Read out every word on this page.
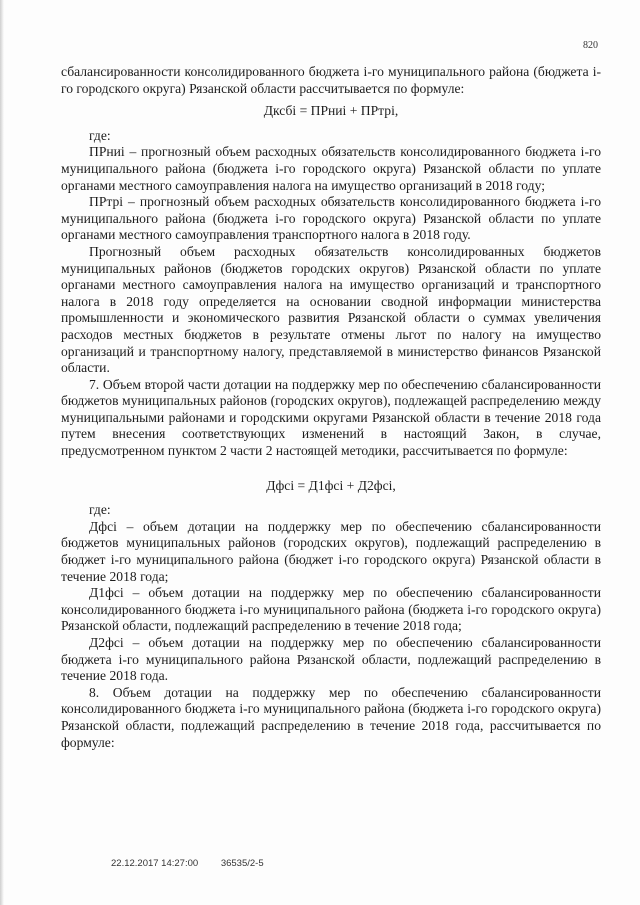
820

сбалансированности консолидированного бюджета i-го муниципального района (бюджета i-го городского округа) Рязанской области рассчитывается по формуле:

Дксбi = ПРниi + ПРтрi,

где:

ПРниi – прогнозный объем расходных обязательств консолидированного бюджета i-го муниципального района (бюджета i-го городского округа) Рязанской области по уплате органами местного самоуправления налога на имущество организаций в 2018 году;

ПРтрi – прогнозный объем расходных обязательств консолидированного бюджета i-го муниципального района (бюджета i-го городского округа) Рязанской области по уплате органами местного самоуправления транспортного налога в 2018 году.

Прогнозный объем расходных обязательств консолидированных бюджетов муниципальных районов (бюджетов городских округов) Рязанской области по уплате органами местного самоуправления налога на имущество организаций и транспортного налога в 2018 году определяется на основании сводной информации министерства промышленности и экономического развития Рязанской области о суммах увеличения расходов местных бюджетов в результате отмены льгот по налогу на имущество организаций и транспортному налогу, представляемой в министерство финансов Рязанской области.

7. Объем второй части дотации на поддержку мер по обеспечению сбалансированности бюджетов муниципальных районов (городских округов), подлежащей распределению между муниципальными районами и городскими округами Рязанской области в течение 2018 года путем внесения соответствующих изменений в настоящий Закон, в случае, предусмотренном пунктом 2 части 2 настоящей методики, рассчитывается по формуле:

Дфсi = Д1фсi + Д2фсi,

где:

Дфсi – объем дотации на поддержку мер по обеспечению сбалансированности бюджетов муниципальных районов (городских округов), подлежащий распределению в бюджет i-го муниципального района (бюджет i-го городского округа) Рязанской области в течение 2018 года;

Д1фсi – объем дотации на поддержку мер по обеспечению сбалансированности консолидированного бюджета i-го муниципального района (бюджета i-го городского округа) Рязанской области, подлежащий распределению в течение 2018 года;

Д2фсi – объем дотации на поддержку мер по обеспечению сбалансированности бюджета i-го муниципального района Рязанской области, подлежащий распределению в течение 2018 года.

8. Объем дотации на поддержку мер по обеспечению сбалансированности консолидированного бюджета i-го муниципального района (бюджета i-го городского округа) Рязанской области, подлежащий распределению в течение 2018 года, рассчитывается по формуле:

22.12.2017 14:27:00 36535/2-5
